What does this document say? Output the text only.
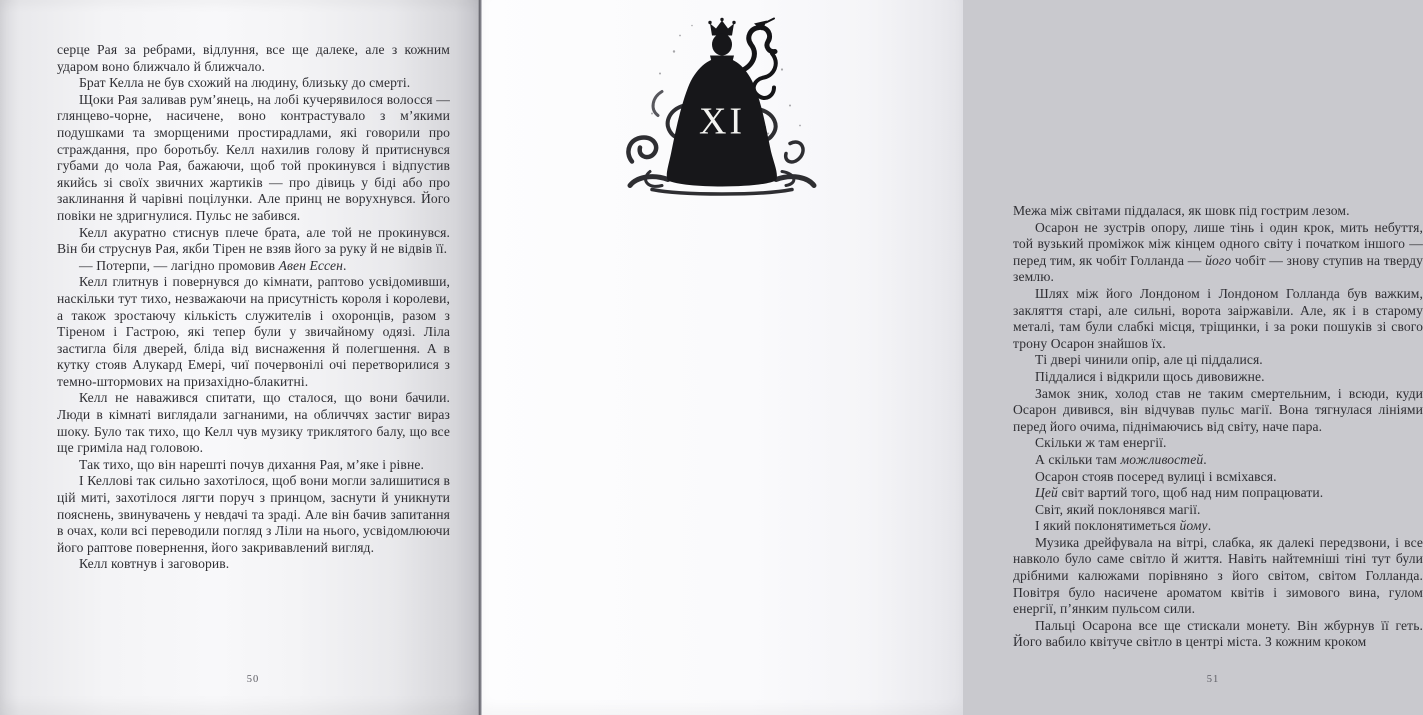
серце Рая за ребрами, відлуння, все ще далеке, але з кожним ударом воно ближчало й ближчало.

Брат Келла не був схожий на людину, близьку до смерті.

Щоки Рая заливав рум’янець, на лобі кучерявилося волосся — глянцево-чорне, насичене, воно контрастувало з м’якими подушками та зморщеними простирадлами, які говорили про страждання, про боротьбу. Келл нахилив голову й притиснувся губами до чола Рая, бажаючи, щоб той прокинувся і відпустив якийсь зі своїх звичних жартиків — про дівиць у біді або про заклинання й чарівні поцілунки. Але принц не ворухнувся. Його повіки не здригнулися. Пульс не забився.

Келл акуратно стиснув плече брата, але той не прокинувся. Він би струснув Рая, якби Тірен не взяв його за руку й не відвів її.

— Потерпи, — лагідно промовив Авен Ессен.

Келл глитнув і повернувся до кімнати, раптово усвідомивши, наскільки тут тихо, незважаючи на присутність короля і королеви, а також зростаючу кількість служителів і охоронців, разом з Тіреном і Гастрою, які тепер були у звичайному одязі. Ліла застигла біля дверей, бліда від виснаження й полегшення. А в кутку стояв Алукард Емері, чиї почервонілі очі перетворилися з темно-штормових на призахідно-блакитні.

Келл не наважився спитати, що сталося, що вони бачили. Люди в кімнаті виглядали загнаними, на обличчях застиг вираз шоку. Було так тихо, що Келл чув музику триклятого балу, що все ще гриміла над головою.

Так тихо, що він нарешті почув дихання Рая, м’яке і рівне.

І Келлові так сильно захотілося, щоб вони могли залишитися в цій миті, захотілося лягти поруч з принцом, заснути й уникнути пояснень, звинувачень у невдачі та зраді. Але він бачив запитання в очах, коли всі переводили погляд з Ліли на нього, усвідомлюючи його раптове повернення, його закривавлений вигляд.

Келл ковтнув і заговорив.

50

Межа між світами піддалася, як шовк під гострим лезом.

Осарон не зустрів опору, лише тінь і один крок, мить небуття, той вузький проміжок між кінцем одного світу і початком іншого — перед тим, як чобіт Голланда — його чобіт — знову ступив на тверду землю.

Шлях між його Лондоном і Лондоном Голланда був важким, закляття старі, але сильні, ворота заіржавіли. Але, як і в старому металі, там були слабкі місця, тріщинки, і за роки пошуків зі свого трону Осарон знайшов їх.

Ті двері чинили опір, але ці піддалися.

Піддалися і відкрили щось дивовижне.

Замок зник, холод став не таким смертельним, і всюди, куди Осарон дивився, він відчував пульс магії. Вона тягнулася лініями перед його очима, піднімаючись від світу, наче пара.

Скільки ж там енергії.

А скільки там можливостей.

Осарон стояв посеред вулиці і всміхався.

Цей світ вартий того, щоб над ним попрацювати.

Світ, який поклонявся магії.

І який поклонятиметься йому.

Музика дрейфувала на вітрі, слабка, як далекі передзвони, і все навколо було саме світло й життя. Навіть найтемніші тіні тут були дрібними калюжами порівняно з його світом, світом Голланда. Повітря було насичене ароматом квітів і зимового вина, гулом енергії, п’янким пульсом сили.

Пальці Осарона все ще стискали монету. Він жбурнув її геть. Його вабило квітуче світло в центрі міста. З кожним кроком

51
XI
